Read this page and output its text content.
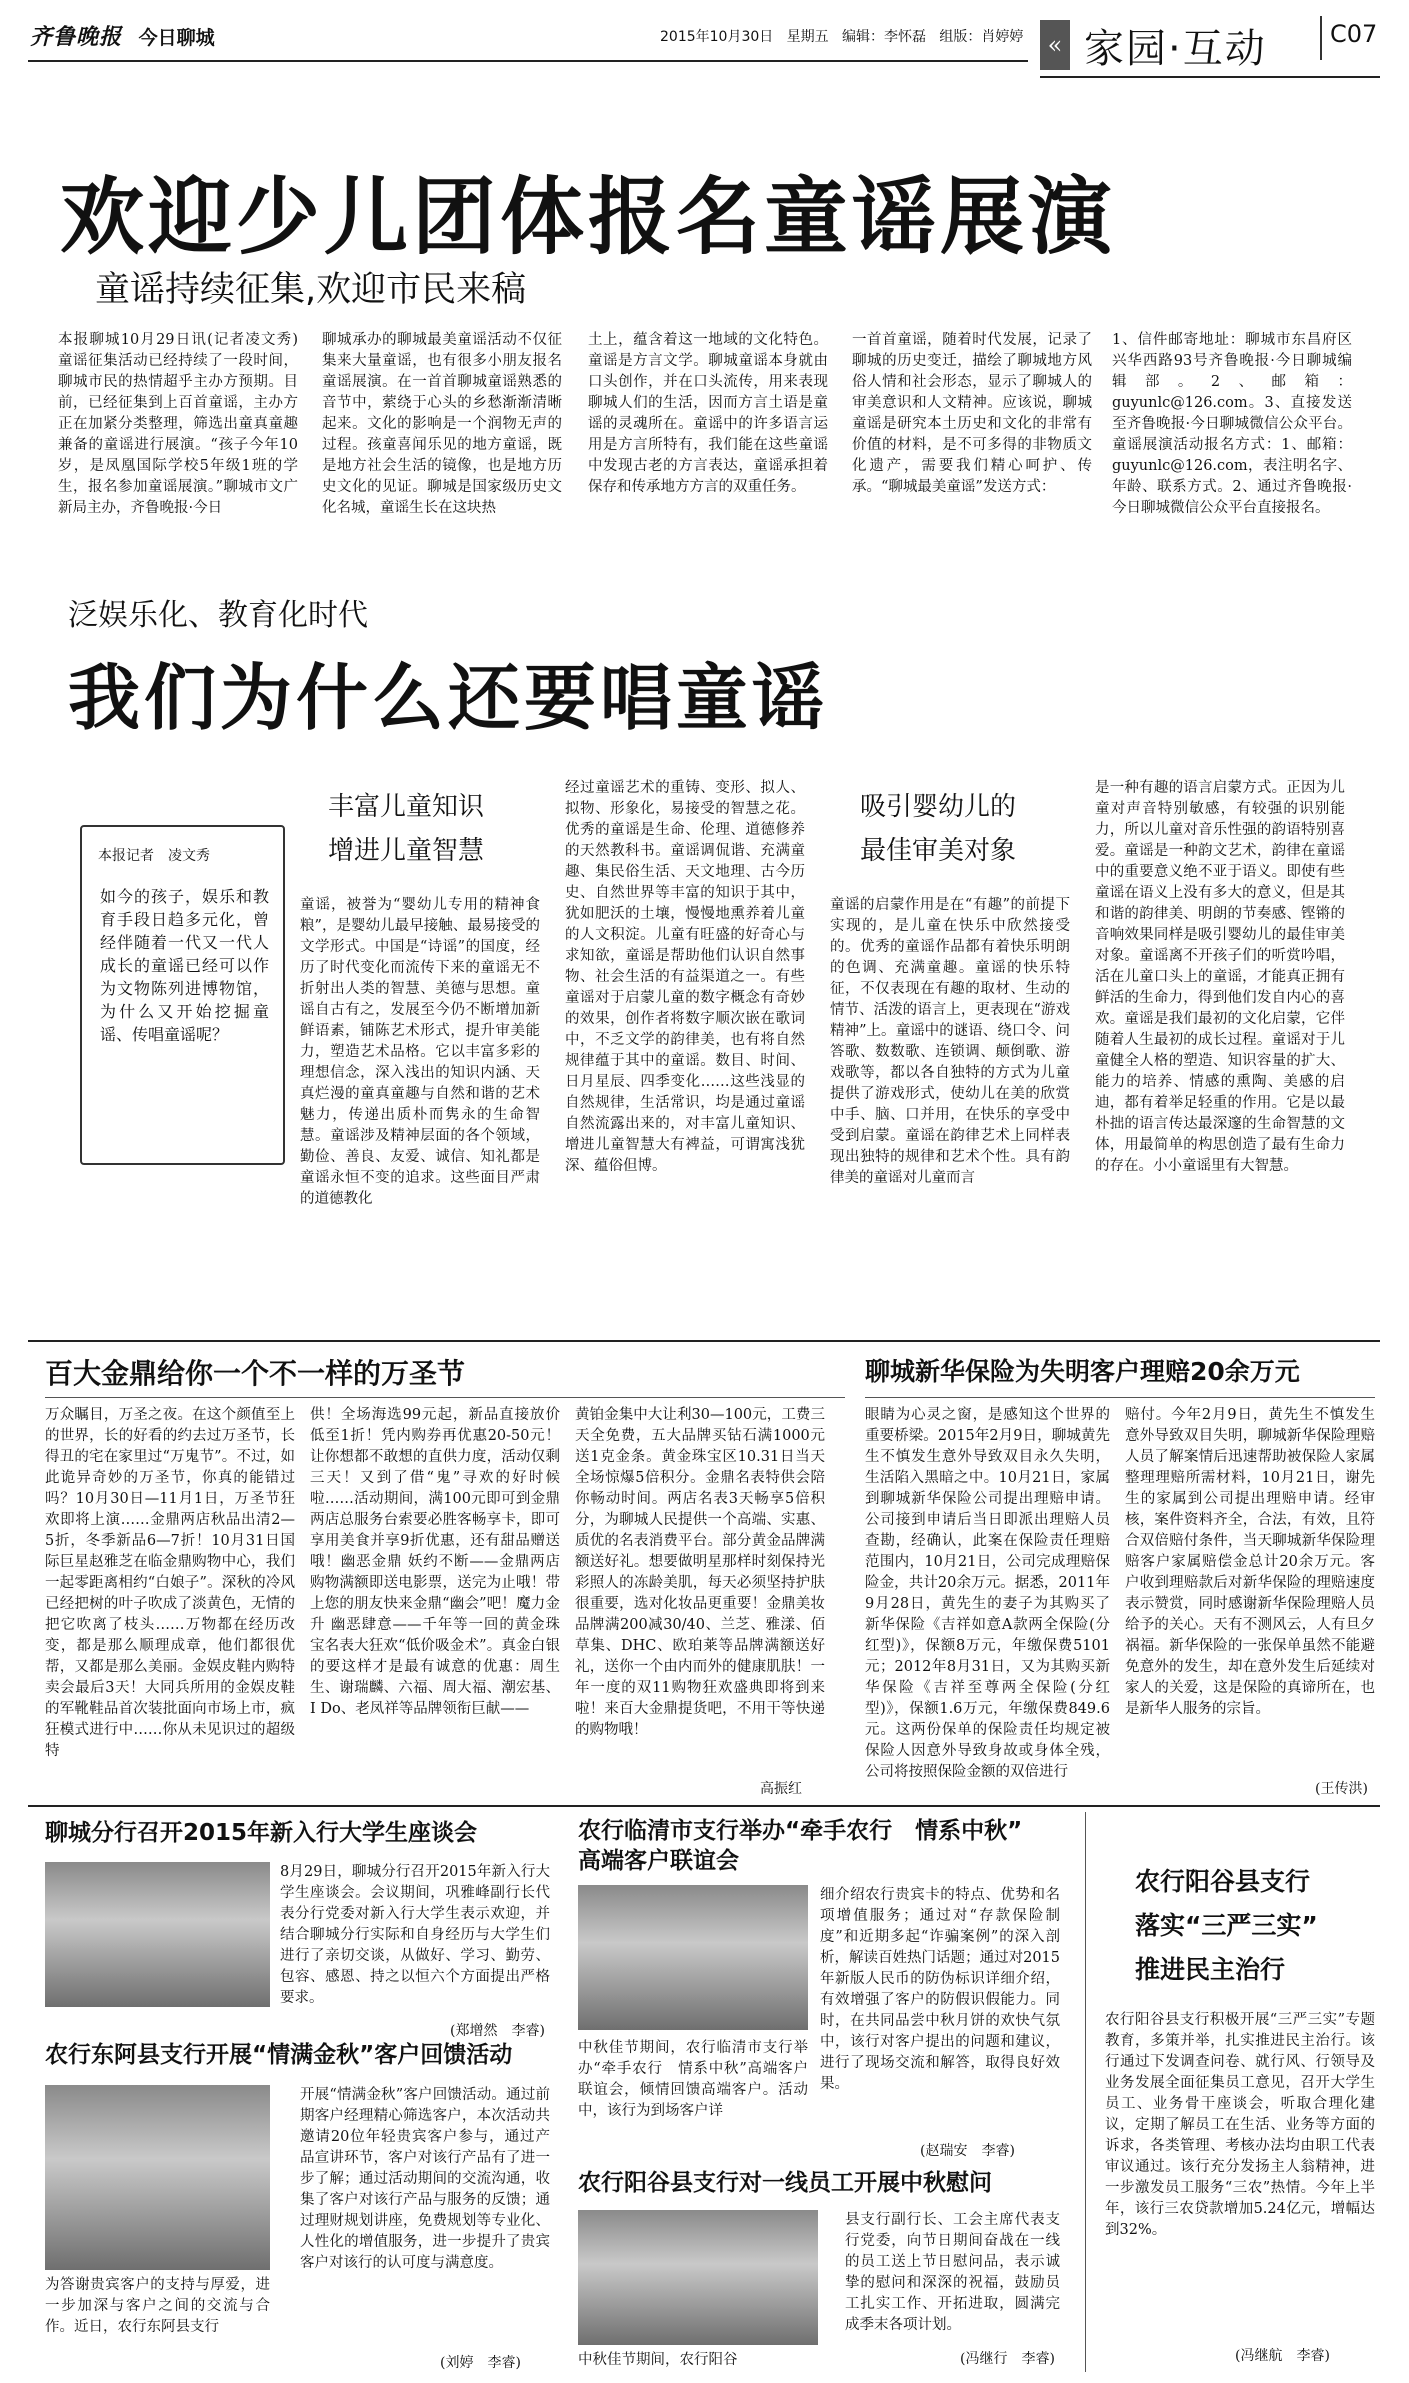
齐鲁晚报 今日聊城	2015年10月30日 星期五 编辑：李怀磊 组版：肖婷婷	« 家园·互动	C07
欢迎少儿团体报名童谣展演
童谣持续征集,欢迎市民来稿
本报聊城10月29日讯(记者凌文秀) 童谣征集活动已经持续了一段时间，聊城市民的热情超乎主办方预期。目前，已经征集到上百首童谣，主办方正在加紧分类整理，筛选出童真童趣兼备的童谣进行展演。“孩子今年10岁，是凤凰国际学校5年级1班的学生，报名参加童谣展演。”聊城市文广新局主办，齐鲁晚报·今日
聊城承办的聊城最美童谣活动不仅征集来大量童谣，也有很多小朋友报名童谣展演。在一首首聊城童谣熟悉的音节中，萦绕于心头的乡愁渐渐清晰起来。文化的影响是一个润物无声的过程。孩童喜闻乐见的地方童谣，既是地方社会生活的镜像，也是地方历史文化的见证。聊城是国家级历史文化名城，童谣生长在这块热
土上，蕴含着这一地域的文化特色。童谣是方言文学。聊城童谣本身就由口头创作，并在口头流传，用来表现聊城人们的生活，因而方言土语是童谣的灵魂所在。童谣中的许多语言运用是方言所特有，我们能在这些童谣中发现古老的方言表达，童谣承担着保存和传承地方方言的双重任务。
一首首童谣，随着时代发展，记录了聊城的历史变迁，描绘了聊城地方风俗人情和社会形态，显示了聊城人的审美意识和人文精神。应该说，聊城童谣是研究本土历史和文化的非常有价值的材料，是不可多得的非物质文化遗产，需要我们精心呵护、传承。“聊城最美童谣”发送方式：
1、信件邮寄地址：聊城市东昌府区兴华西路93号齐鲁晚报·今日聊城编辑部。2、邮箱：guyunlc@126.com。3、直接发送至齐鲁晚报·今日聊城微信公众平台。童谣展演活动报名方式：1、邮箱：guyunlc@126.com，表注明名字、年龄、联系方式。2、通过齐鲁晚报·今日聊城微信公众平台直接报名。
泛娱乐化、教育化时代
我们为什么还要唱童谣
本报记者　凌文秀
如今的孩子，娱乐和教育手段日趋多元化，曾经伴随着一代又一代人成长的童谣已经可以作为文物陈列进博物馆，为什么又开始挖掘童谣、传唱童谣呢？
丰富儿童知识
增进儿童智慧
吸引婴幼儿的
最佳审美对象
童谣，被誉为“婴幼儿专用的精神食粮”，是婴幼儿最早接触、最易接受的文学形式。中国是“诗谣”的国度，经历了时代变化而流传下来的童谣无不折射出人类的智慧、美德与思想。童谣自古有之，发展至今仍不断增加新鲜语素，铺陈艺术形式，提升审美能力，塑造艺术品格。它以丰富多彩的理想信念，深入浅出的知识内涵、天真烂漫的童真童趣与自然和谐的艺术魅力，传递出质朴而隽永的生命智慧。童谣涉及精神层面的各个领域，勤俭、善良、友爱、诚信、知礼都是童谣永恒不变的追求。这些面目严肃的道德教化
经过童谣艺术的重铸、变形、拟人、拟物、形象化，易接受的智慧之花。优秀的童谣是生命、伦理、道德修养的天然教科书。童谣调侃谐、充满童趣、集民俗生活、天文地理、古今历史、自然世界等丰富的知识于其中，犹如肥沃的土壤，慢慢地熏养着儿童的人文积淀。儿童有旺盛的好奇心与求知欲，童谣是帮助他们认识自然事物、社会生活的有益渠道之一。有些童谣对于启蒙儿童的数字概念有奇妙的效果，创作者将数字顺次嵌在歌词中，不乏文学的韵律美，也有将自然规律蕴于其中的童谣。数目、时间、日月星辰、四季变化……这些浅显的自然规律，生活常识，均是通过童谣自然流露出来的，对丰富儿童知识、增进儿童智慧大有裨益，可谓寓浅犹深、蕴俗但博。
童谣的启蒙作用是在“有趣”的前提下实现的，是儿童在快乐中欣然接受的。优秀的童谣作品都有着快乐明朗的色调、充满童趣。童谣的快乐特征，不仅表现在有趣的取材、生动的情节、活泼的语言上，更表现在“游戏精神”上。童谣中的谜语、绕口令、问答歌、数数歌、连锁调、颠倒歌、游戏歌等，都以各自独特的方式为儿童提供了游戏形式，使幼儿在美的欣赏中手、脑、口并用，在快乐的享受中受到启蒙。童谣在韵律艺术上同样表现出独特的规律和艺术个性。具有韵律美的童谣对儿童而言
是一种有趣的语言启蒙方式。正因为儿童对声音特别敏感，有较强的识别能力，所以儿童对音乐性强的韵语特别喜爱。童谣是一种韵文艺术，韵律在童谣中的重要意义绝不亚于语义。即使有些童谣在语义上没有多大的意义，但是其和谐的韵律美、明朗的节奏感、铿锵的音响效果同样是吸引婴幼儿的最佳审美对象。童谣离不开孩子们的听赏吟唱，活在儿童口头上的童谣，才能真正拥有鲜活的生命力，得到他们发自内心的喜欢。童谣是我们最初的文化启蒙，它伴随着人生最初的成长过程。童谣对于儿童健全人格的塑造、知识容量的扩大、能力的培养、情感的熏陶、美感的启迪，都有着举足轻重的作用。它是以最朴拙的语言传达最深邃的生命智慧的文体，用最简单的构思创造了最有生命力的存在。小小童谣里有大智慧。
百大金鼎给你一个不一样的万圣节
万众瞩目，万圣之夜。在这个颜值至上的世界，长的好看的约去过万圣节，长得丑的宅在家里过“万鬼节”。不过，如此诡异奇妙的万圣节，你真的能错过吗？10月30日—11月1日，万圣节狂欢即将上演……金鼎两店秋品出清2—5折，冬季新品6—7折！10月31日国际巨星赵雅芝在临金鼎购物中心，我们一起零距离相约“白娘子”。深秋的冷风已经把树的叶子吹成了淡黄色，无情的把它吹离了枝头……万物都在经历改变，都是那么顺理成章，他们都很优帮，又都是那么美丽。金娱皮鞋内购特卖会最后3天！大同兵所用的金娱皮鞋的军靴鞋品首次装批面向市场上市，疯狂模式进行中……你从未见识过的超级特
供！全场海选99元起，新品直接放价低至1折！凭内购券再优惠20-50元！让你想都不敢想的直供力度，活动仅剩三天！又到了借“鬼”寻欢的好时候啦……活动期间，满100元即可到金鼎两店总服务台索要必胜客畅享卡，即可享用美食并享9折优惠，还有甜品赠送哦！幽恶金鼎 妖约不断——金鼎两店购物满额即送电影票，送完为止哦！带上您的朋友快来金鼎“幽会”吧！魔力金升 幽恶肆意——千年等一回的黄金珠宝名表大狂欢“低价吸金术”。真金白银的要这样才是最有诚意的优惠：周生生、谢瑞麟、六福、周大福、潮宏基、I Do、老凤祥等品牌领衔巨献——
黄铂金集中大让利30—100元，工费三天全免费，五大品牌买钻石满1000元送1克金条。黄金珠宝区10.31日当天全场惊爆5倍积分。金鼎名表特供会陪你畅动时间。两店名表3天畅享5倍积分，为聊城人民提供一个高端、实惠、质优的名表消费平台。部分黄金品牌满额送好礼。想要做明星那样时刻保持光彩照人的冻龄美肌，每天必须坚持护肤很重要，选对化妆品更重要！金鼎美妆品牌满200减30/40、兰芝、雅漾、佰草集、DHC、欧珀莱等品牌满额送好礼，送你一个由内而外的健康肌肤！一年一度的双11购物狂欢盛典即将到来啦！来百大金鼎提货吧，不用干等快递的购物哦！
高振红
聊城新华保险为失明客户理赔20余万元
眼睛为心灵之窗，是感知这个世界的重要桥梁。2015年2月9日，聊城黄先生不慎发生意外导致双目永久失明，生活陷入黑暗之中。10月21日，家属到聊城新华保险公司提出理赔申请。公司接到申请后当日即派出理赔人员查勘，经确认，此案在保险责任理赔范围内，10月21日，公司完成理赔保险金，共计20余万元。据悉，2011年9月28日，黄先生的妻子为其购买了新华保险《吉祥如意A款两全保险(分红型)》，保额8万元，年缴保费5101元；2012年8月31日，又为其购买新华保险《吉祥至尊两全保险(分红型)》，保额1.6万元，年缴保费849.6元。这两份保单的保险责任均规定被保险人因意外导致身故或身体全残，公司将按照保险金额的双倍进行
赔付。今年2月9日，黄先生不慎发生意外导致双目失明，聊城新华保险理赔人员了解案情后迅速帮助被保险人家属整理理赔所需材料，10月21日，谢先生的家属到公司提出理赔申请。经审核，案件资料齐全，合法，有效，且符合双倍赔付条件，当天聊城新华保险理赔客户家属赔偿金总计20余万元。客户收到理赔款后对新华保险的理赔速度表示赞赏，同时感谢新华保险理赔人员给予的关心。天有不测风云，人有旦夕祸福。新华保险的一张保单虽然不能避免意外的发生，却在意外发生后延续对家人的关爱，这是保险的真谛所在，也是新华人服务的宗旨。
(王传洪)
聊城分行召开2015年新入行大学生座谈会
8月29日，聊城分行召开2015年新入行大学生座谈会。会议期间，巩雅峰副行长代表分行党委对新入行大学生表示欢迎，并结合聊城分行实际和自身经历与大学生们进行了亲切交谈，从做好、学习、勤劳、包容、感恩、持之以恒六个方面提出严格要求。
(郑增然　李睿)
农行东阿县支行开展“情满金秋”客户回馈活动
为答谢贵宾客户的支持与厚爱，进一步加深与客户之间的交流与合作。近日，农行东阿县支行
开展“情满金秋”客户回馈活动。通过前期客户经理精心筛选客户，本次活动共邀请20位年轻贵宾客户参与，通过产品宣讲环节，客户对该行产品有了进一步了解；通过活动期间的交流沟通，收集了客户对该行产品与服务的反馈；通过理财规划讲座，免费规划等专业化、人性化的增值服务，进一步提升了贵宾客户对该行的认可度与满意度。
(刘婷　李睿)
农行临清市支行举办“牵手农行　情系中秋”
高端客户联谊会
中秋佳节期间，农行临清市支行举办“牵手农行　情系中秋”高端客户联谊会，倾情回馈高端客户。活动中，该行为到场客户详
细介绍农行贵宾卡的特点、优势和名项增值服务；通过对“存款保险制度”和近期多起“诈骗案例”的深入剖析，解读百姓热门话题；通过对2015年新版人民币的防伪标识详细介绍，有效增强了客户的防假识假能力。同时，在共同品尝中秋月饼的欢快气氛中，该行对客户提出的问题和建议，进行了现场交流和解答，取得良好效果。
(赵瑞安　李睿)
农行阳谷县支行对一线员工开展中秋慰问
中秋佳节期间，农行阳谷
县支行副行长、工会主席代表支行党委，向节日期间奋战在一线的员工送上节日慰问品，表示诚挚的慰问和深深的祝福，鼓励员工扎实工作、开拓进取，圆满完成季末各项计划。
(冯继行　李睿)
农行阳谷县支行
落实“三严三实”
推进民主治行
农行阳谷县支行积极开展“三严三实”专题教育，多策并举，扎实推进民主治行。该行通过下发调查问卷、就行风、行领导及业务发展全面征集员工意见，召开大学生员工、业务骨干座谈会，听取合理化建议，定期了解员工在生活、业务等方面的诉求，各类管理、考核办法均由职工代表审议通过。该行充分发扬主人翁精神，进一步激发员工服务“三农”热情。今年上半年，该行三农贷款增加5.24亿元，增幅达到32%。
(冯继航　李睿)
